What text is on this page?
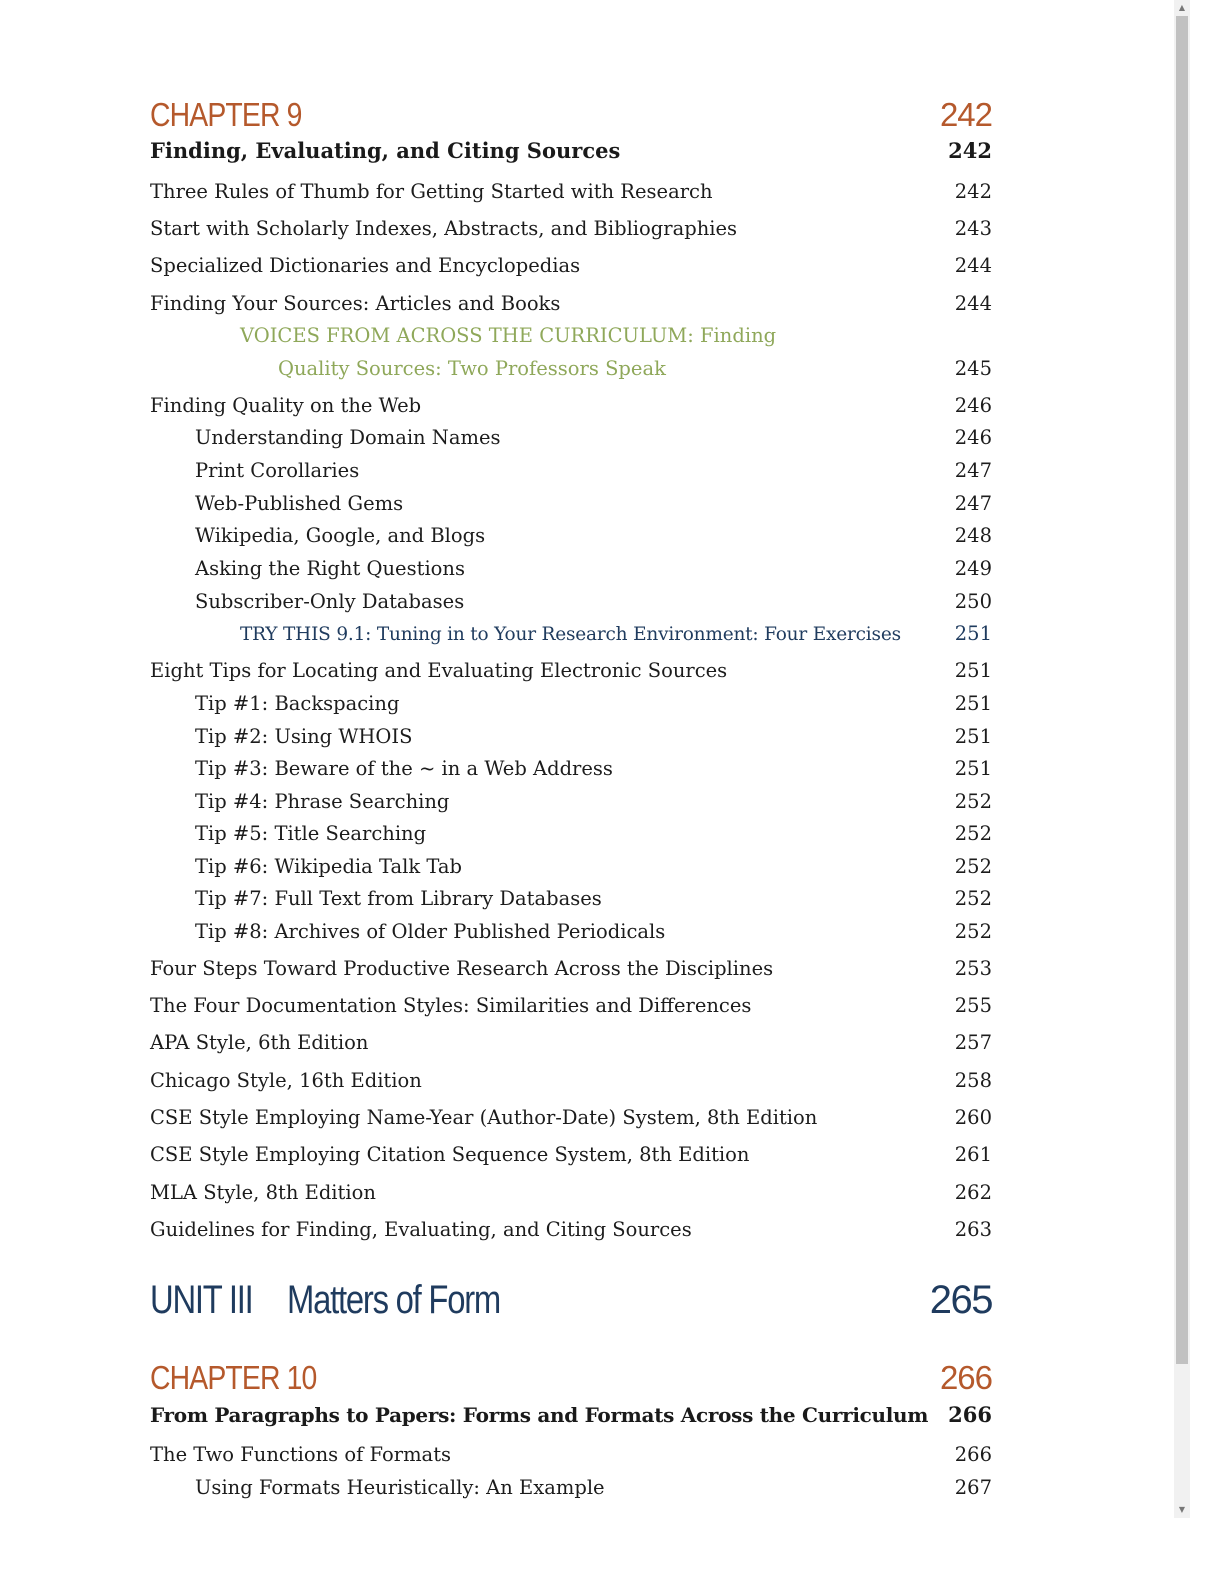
CHAPTER 9	242
Finding, Evaluating, and Citing Sources	242
Three Rules of Thumb for Getting Started with Research	242
Start with Scholarly Indexes, Abstracts, and Bibliographies	243
Specialized Dictionaries and Encyclopedias	244
Finding Your Sources: Articles and Books	244
VOICES FROM ACROSS THE CURRICULUM: Finding
Quality Sources: Two Professors Speak	245
Finding Quality on the Web	246
Understanding Domain Names	246
Print Corollaries	247
Web-Published Gems	247
Wikipedia, Google, and Blogs	248
Asking the Right Questions	249
Subscriber-Only Databases	250
TRY THIS 9.1: Tuning in to Your Research Environment: Four Exercises	251
Eight Tips for Locating and Evaluating Electronic Sources	251
Tip #1: Backspacing	251
Tip #2: Using WHOIS	251
Tip #3: Beware of the ~ in a Web Address	251
Tip #4: Phrase Searching	252
Tip #5: Title Searching	252
Tip #6: Wikipedia Talk Tab	252
Tip #7: Full Text from Library Databases	252
Tip #8: Archives of Older Published Periodicals	252
Four Steps Toward Productive Research Across the Disciplines	253
The Four Documentation Styles: Similarities and Differences	255
APA Style, 6th Edition	257
Chicago Style, 16th Edition	258
CSE Style Employing Name-Year (Author-Date) System, 8th Edition	260
CSE Style Employing Citation Sequence System, 8th Edition	261
MLA Style, 8th Edition	262
Guidelines for Finding, Evaluating, and Citing Sources	263
UNIT III Matters of Form	265
CHAPTER 10	266
From Paragraphs to Papers: Forms and Formats Across the Curriculum 266
The Two Functions of Formats	266
Using Formats Heuristically: An Example	267
▲
▼
